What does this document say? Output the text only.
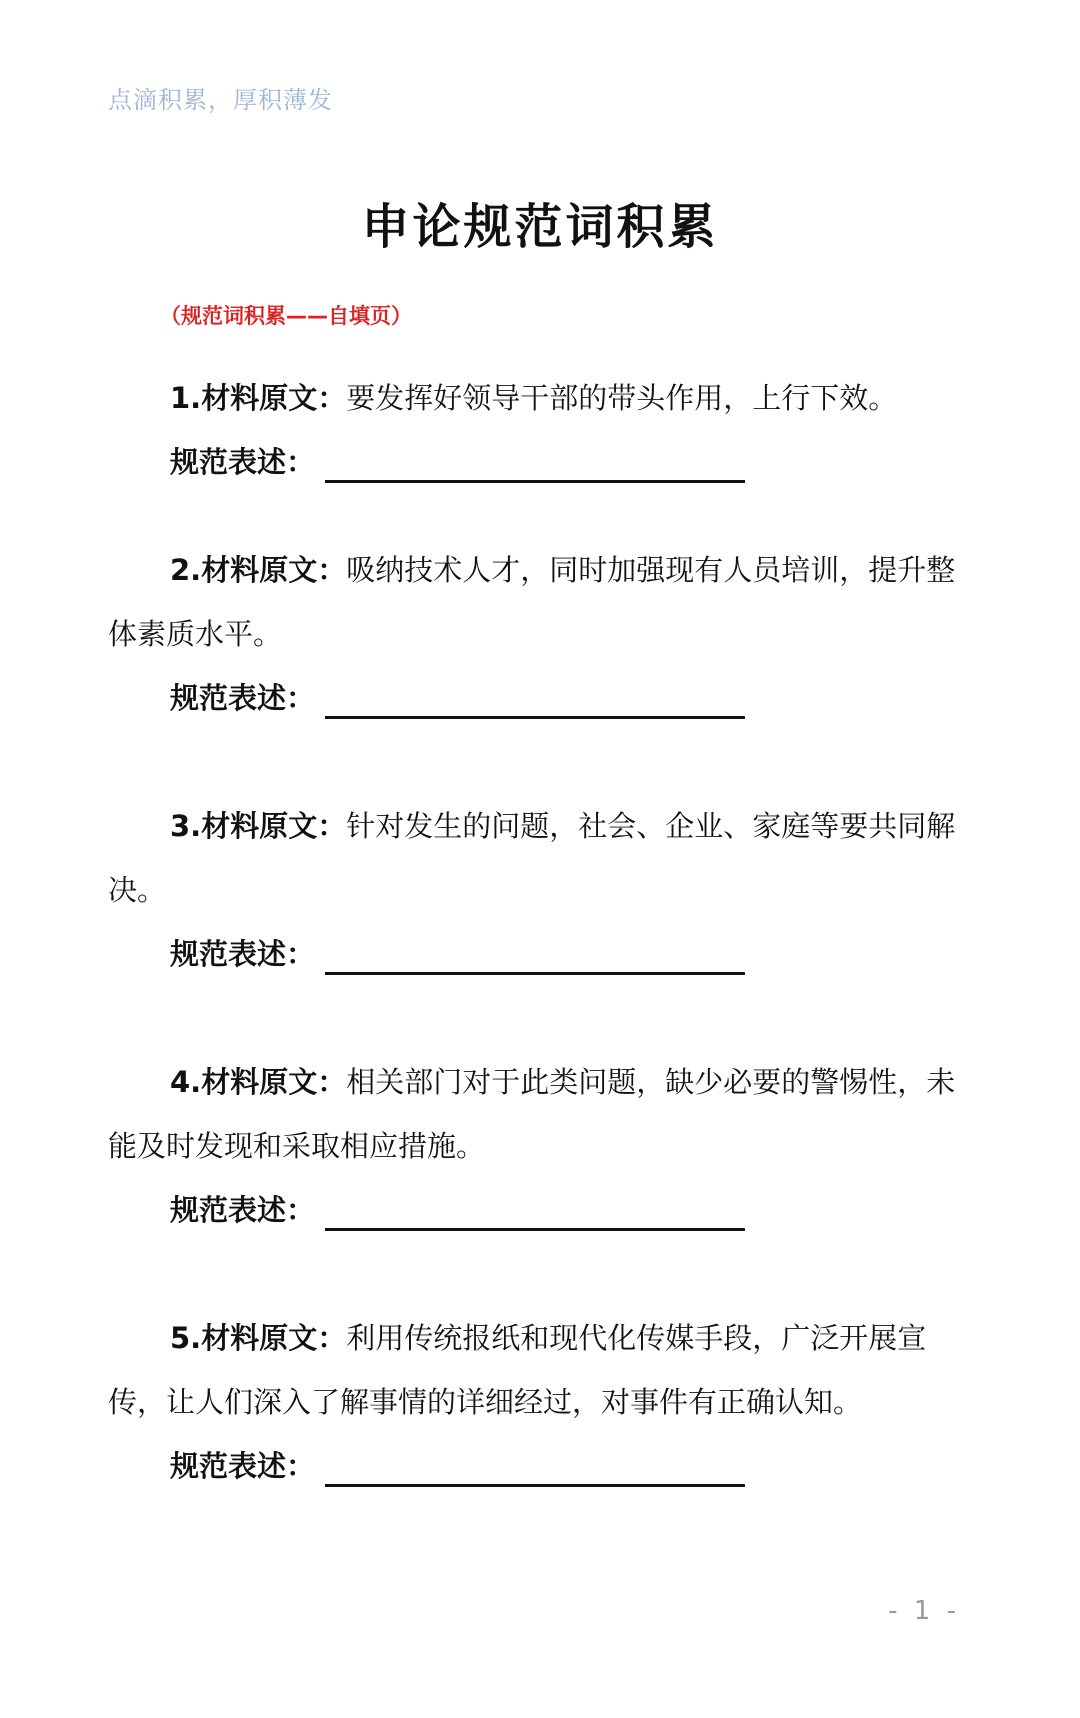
点滴积累，厚积薄发
申论规范词积累
（规范词积累——自填页）

1.材料原文：要发挥好领导干部的带头作用，上行下效。

规范表述：

2.材料原文：吸纳技术人才，同时加强现有人员培训，提升整体素质水平。

规范表述：

3.材料原文：针对发生的问题，社会、企业、家庭等要共同解决。

规范表述：

4.材料原文：相关部门对于此类问题，缺少必要的警惕性，未能及时发现和采取相应措施。

规范表述：

5.材料原文：利用传统报纸和现代化传媒手段，广泛开展宣传，让人们深入了解事情的详细经过，对事件有正确认知。

规范表述：
- 1 -
